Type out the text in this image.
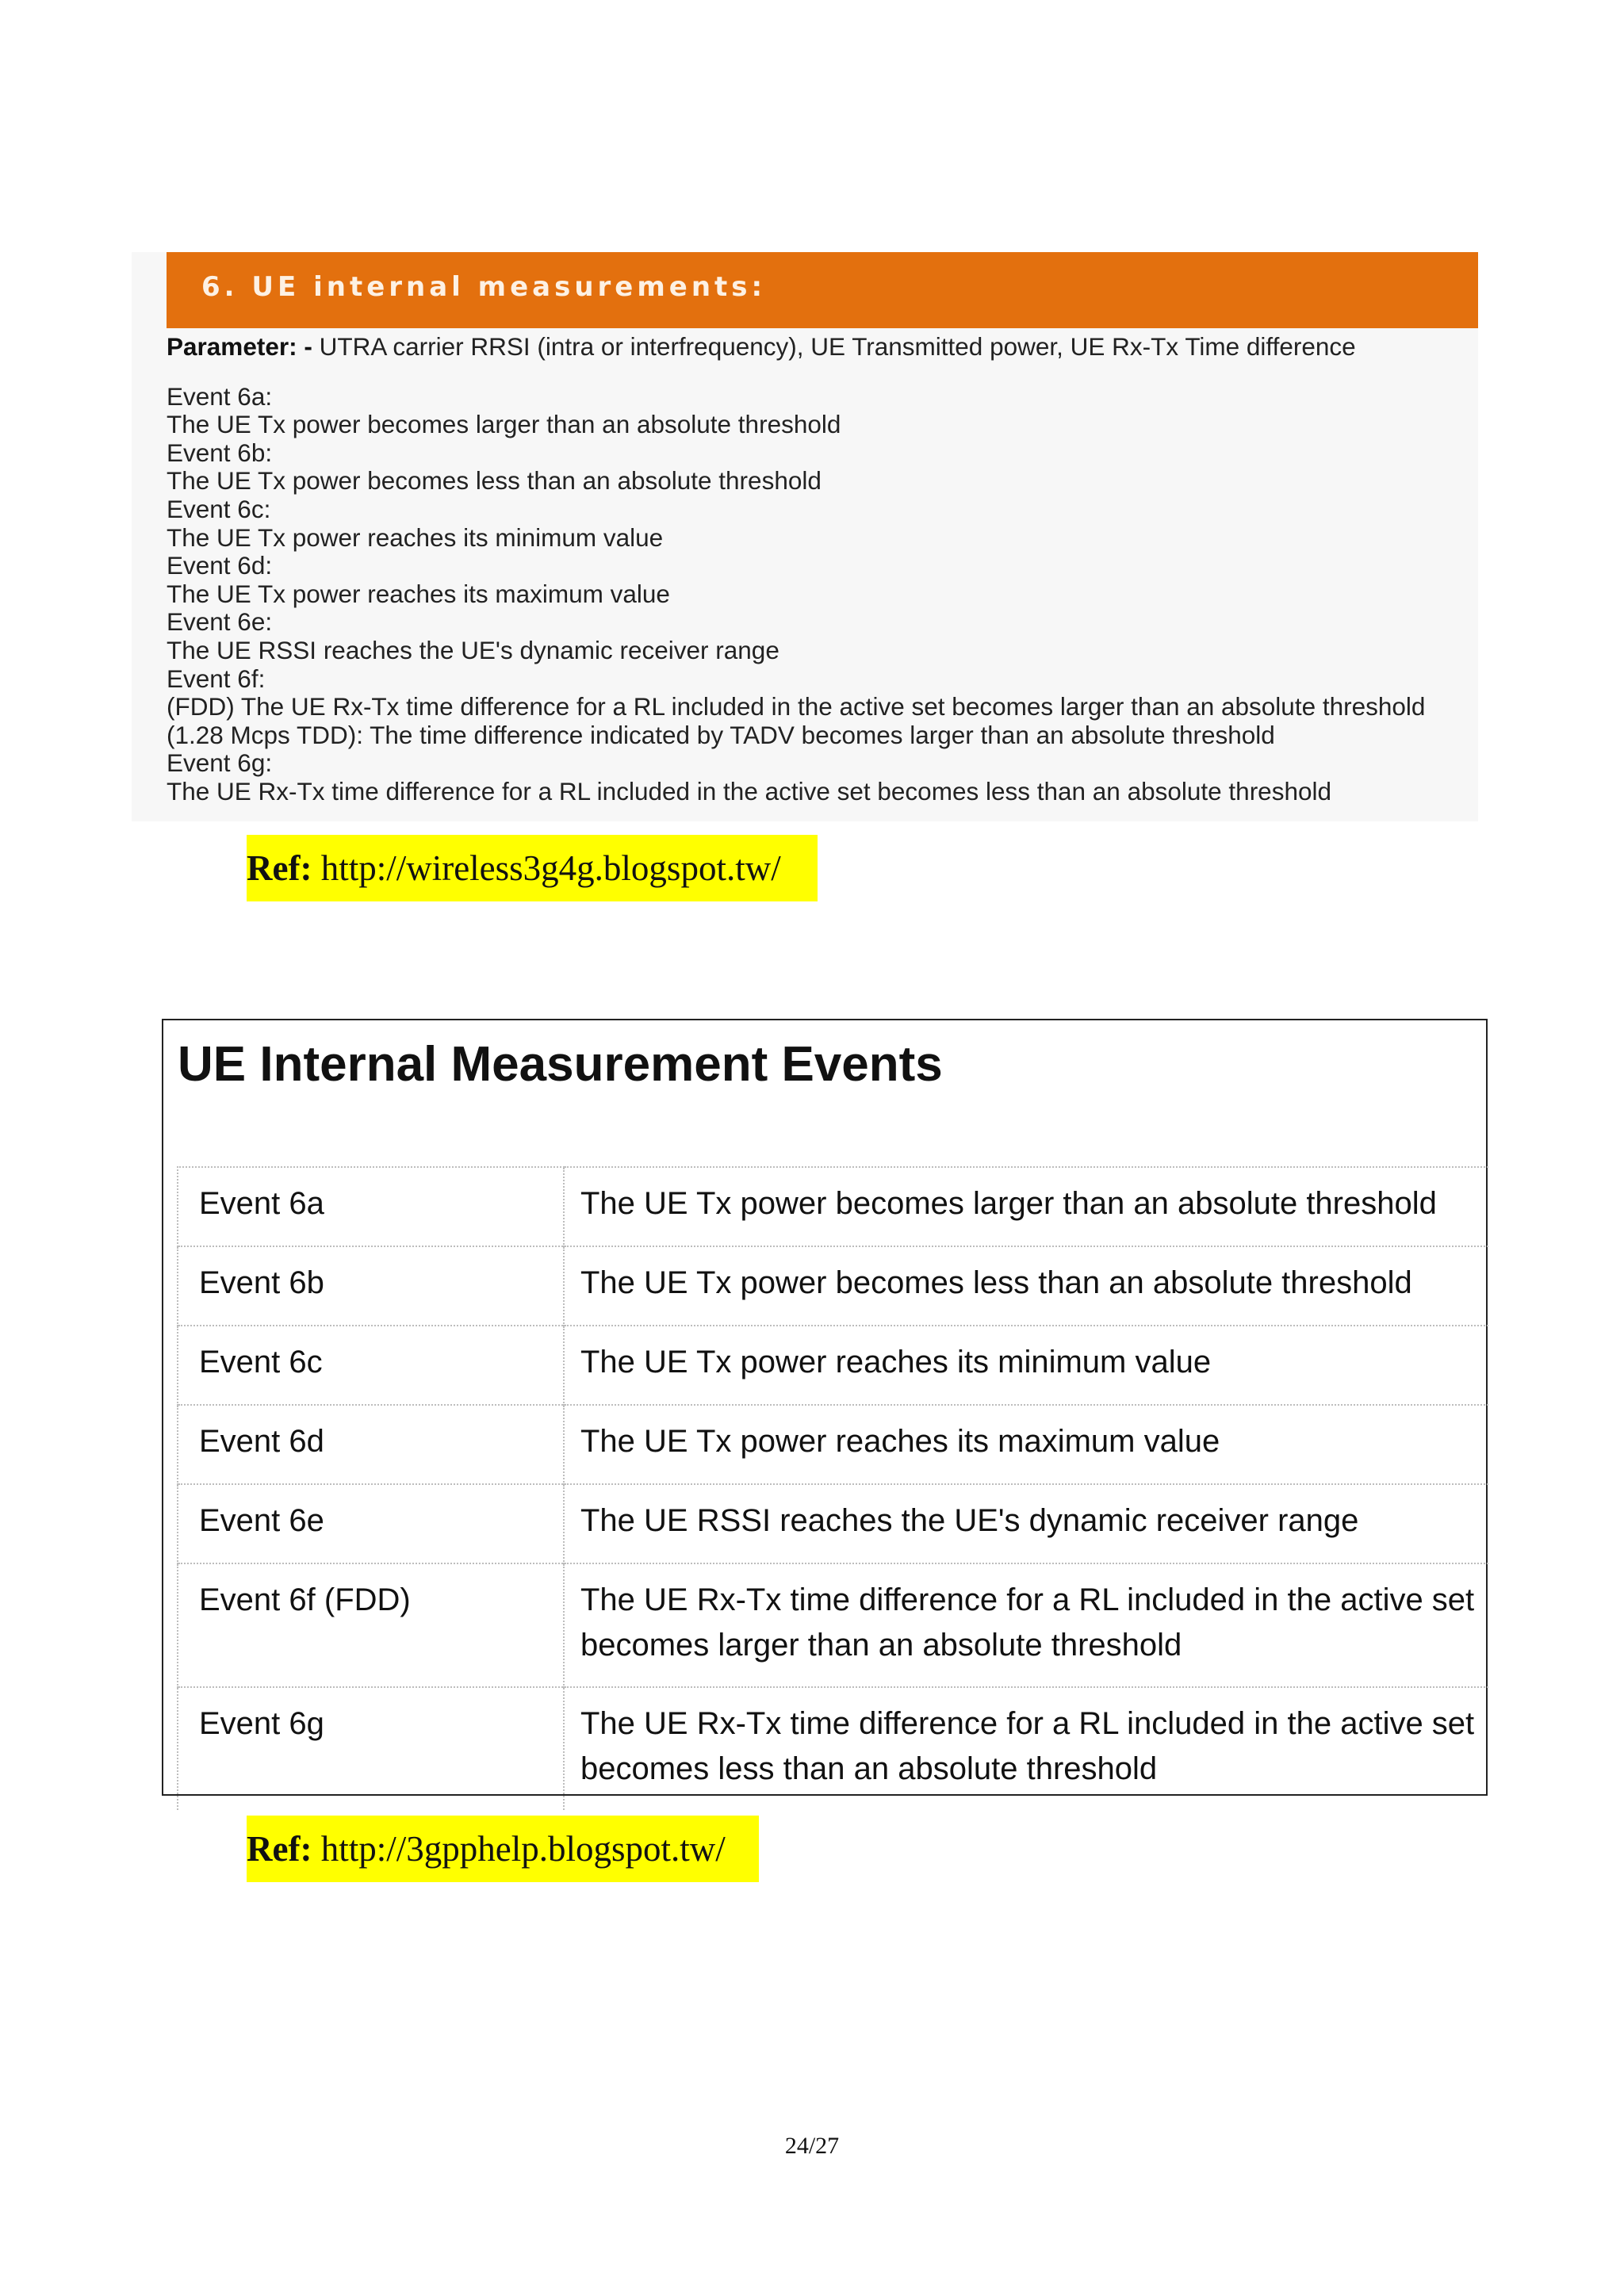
6. UE internal measurements:
Parameter: - UTRA carrier RRSI (intra or interfrequency), UE Transmitted power, UE Rx-Tx Time difference
Event 6a:
The UE Tx power becomes larger than an absolute threshold
Event 6b:
The UE Tx power becomes less than an absolute threshold
Event 6c:
The UE Tx power reaches its minimum value
Event 6d:
The UE Tx power reaches its maximum value
Event 6e:
The UE RSSI reaches the UE's dynamic receiver range
Event 6f:
(FDD) The UE Rx-Tx time difference for a RL included in the active set becomes larger than an absolute threshold
(1.28 Mcps TDD): The time difference indicated by TADV becomes larger than an absolute threshold
Event 6g:
The UE Rx-Tx time difference for a RL included in the active set becomes less than an absolute threshold
Ref: http://wireless3g4g.blogspot.tw/
UE Internal Measurement Events
Event 6a	The UE Tx power becomes larger than an absolute threshold
Event 6b	The UE Tx power becomes less than an absolute threshold
Event 6c	The UE Tx power reaches its minimum value
Event 6d	The UE Tx power reaches its maximum value
Event 6e	The UE RSSI reaches the UE's dynamic receiver range
Event 6f (FDD)	The UE Rx-Tx time difference for a RL included in the active set becomes larger than an absolute threshold
Event 6g	The UE Rx-Tx time difference for a RL included in the active set becomes less than an absolute threshold
Ref: http://3gpphelp.blogspot.tw/
24/27
